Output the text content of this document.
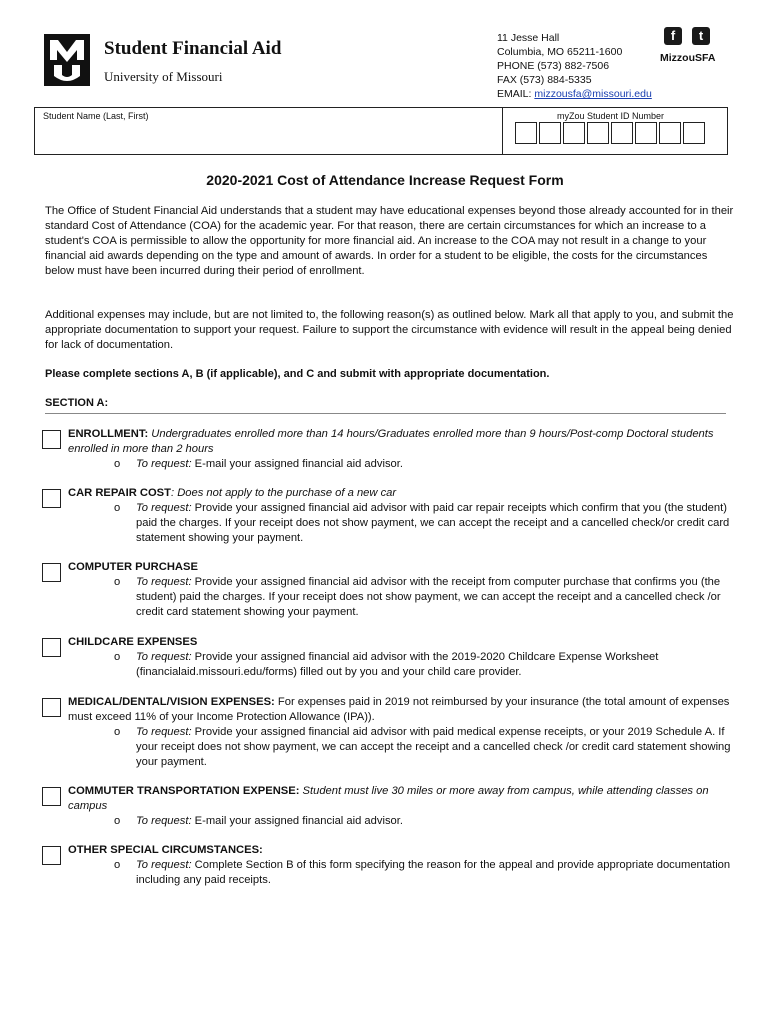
Student Financial Aid
University of Missouri
11 Jesse Hall
Columbia, MO 65211-1600
PHONE (573) 882-7506
FAX (573) 884-5335
EMAIL: mizzousfa@missouri.edu
f	t
MizzouSFA
Student Name (Last, First)	myZou Student ID Number
2020-2021 Cost of Attendance Increase Request Form

The Office of Student Financial Aid understands that a student may have educational expenses beyond those already accounted for in their standard Cost of Attendance (COA) for the academic year. For that reason, there are certain circumstances for which an increase to a student's COA is permissible to allow the opportunity for more financial aid. An increase to the COA may not result in a change to your financial aid awards depending on the type and amount of awards. In order for a student to be eligible, the costs for the circumstances below must have been incurred during their period of enrollment.

Additional expenses may include, but are not limited to, the following reason(s) as outlined below. Mark all that apply to you, and submit the appropriate documentation to support your request. Failure to support the circumstance with evidence will result in the appeal being denied for lack of documentation.

Please complete sections A, B (if applicable), and C and submit with appropriate documentation.
SECTION A:
ENROLLMENT: Undergraduates enrolled more than 14 hours/Graduates enrolled more than 9 hours/Post-comp Doctoral students enrolled in more than 2 hours
o To request: E-mail your assigned financial aid advisor.
CAR REPAIR COST: Does not apply to the purchase of a new car
o To request: Provide your assigned financial aid advisor with paid car repair receipts which confirm that you (the student) paid the charges. If your receipt does not show payment, we can accept the receipt and a cancelled check/or credit card statement showing your payment.
COMPUTER PURCHASE
o To request: Provide your assigned financial aid advisor with the receipt from computer purchase that confirms you (the student) paid the charges. If your receipt does not show payment, we can accept the receipt and a cancelled check /or credit card statement showing your payment.
CHILDCARE EXPENSES
o To request: Provide your assigned financial aid advisor with the 2019-2020 Childcare Expense Worksheet (financialaid.missouri.edu/forms) filled out by you and your child care provider.
MEDICAL/DENTAL/VISION EXPENSES: For expenses paid in 2019 not reimbursed by your insurance (the total amount of expenses must exceed 11% of your Income Protection Allowance (IPA)).
o To request: Provide your assigned financial aid advisor with paid medical expense receipts, or your 2019 Schedule A. If your receipt does not show payment, we can accept the receipt and a cancelled check /or credit card statement showing your payment.
COMMUTER TRANSPORTATION EXPENSE: Student must live 30 miles or more away from campus, while attending classes on campus
o To request: E-mail your assigned financial aid advisor.
OTHER SPECIAL CIRCUMSTANCES:
o To request: Complete Section B of this form specifying the reason for the appeal and provide appropriate documentation including any paid receipts.
